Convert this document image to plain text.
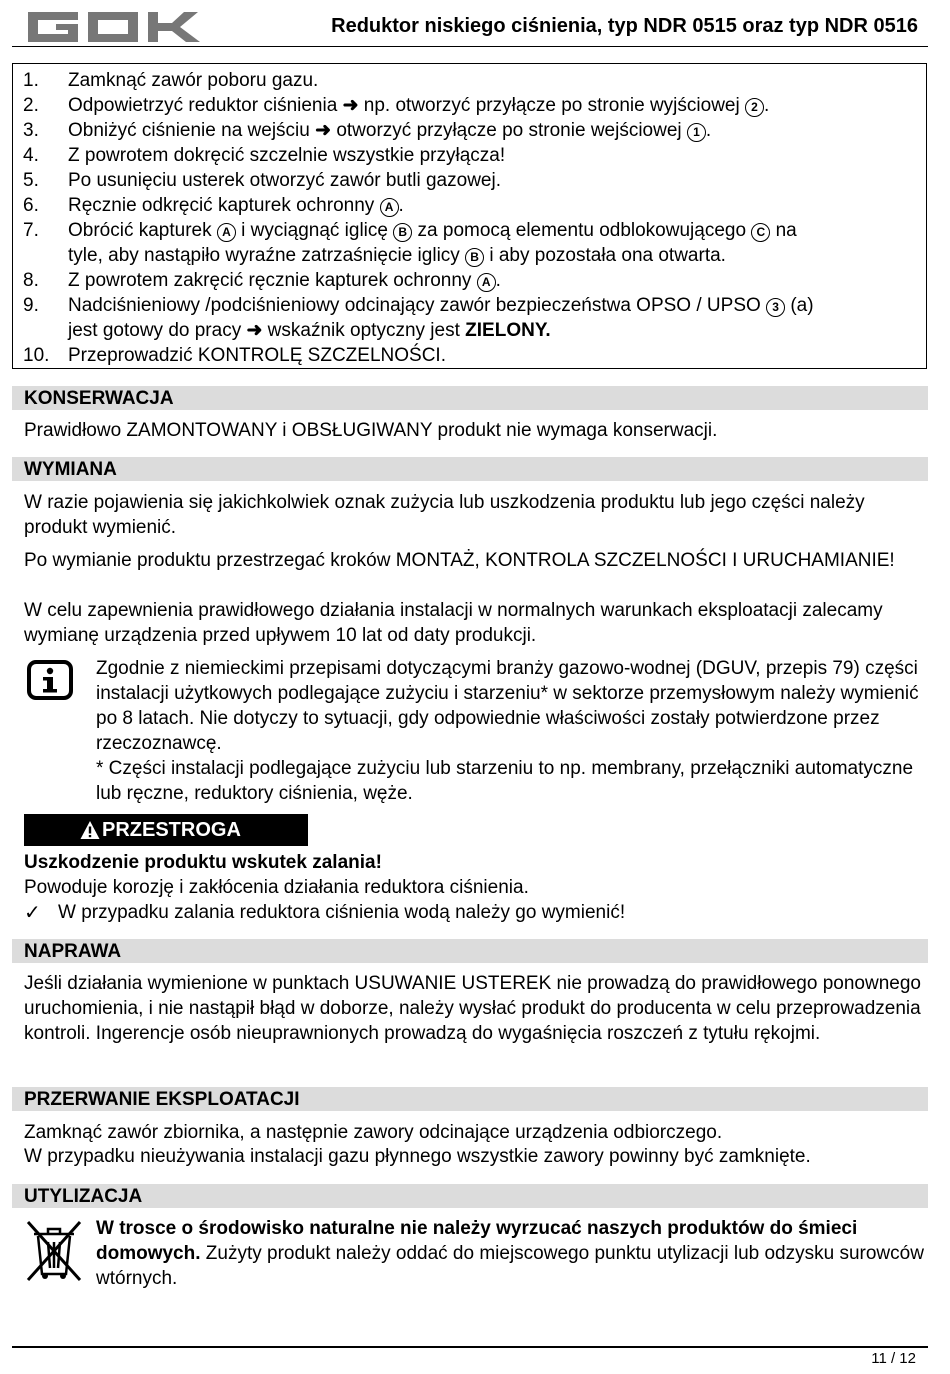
Reduktor niskiego ciśnienia, typ NDR 0515 oraz typ NDR 0516
1.	Zamknąć zawór poboru gazu.
2.	Odpowietrzyć reduktor ciśnienia ➜ np. otworzyć przyłącze po stronie wyjściowej 2 .
3.	Obniżyć ciśnienie na wejściu ➜ otworzyć przyłącze po stronie wejściowej 1 .
4.	Z powrotem dokręcić szczelnie wszystkie przyłącza!
5.	Po usunięciu usterek otworzyć zawór butli gazowej.
6.	Ręcznie odkręcić kapturek ochronny A .
7.	Obrócić kapturek A i wyciągnąć iglicę B za pomocą elementu odblokowującego C na
tyle, aby nastąpiło wyraźne zatrzaśnięcie iglicy B i aby pozostała ona otwarta.
8.	Z powrotem zakręcić ręcznie kapturek ochronny A .
9.	Nadciśnieniowy /podciśnieniowy odcinający zawór bezpieczeństwa OPSO / UPSO 3 (a)
jest gotowy do pracy ➜ wskaźnik optyczny jest ZIELONY.
10. Przeprowadzić KONTROLĘ SZCZELNOŚCI.
KONSERWACJA
Prawidłowo ZAMONTOWANY i OBSŁUGIWANY produkt nie wymaga konserwacji.
WYMIANA
W razie pojawienia się jakichkolwiek oznak zużycia lub uszkodzenia produktu lub jego części należy produkt wymienić.
Po wymianie produktu przestrzegać kroków MONTAŻ, KONTROLA SZCZELNOŚCI I URUCHAMIANIE!
W celu zapewnienia prawidłowego działania instalacji w normalnych warunkach eksploatacji zalecamy wymianę urządzenia przed upływem 10 lat od daty produkcji.
Zgodnie z niemieckimi przepisami dotyczącymi branży gazowo-wodnej (DGUV, przepis 79) części instalacji użytkowych podlegające zużyciu i starzeniu* w sektorze przemysłowym należy wymienić po 8 latach. Nie dotyczy to sytuacji, gdy odpowiednie właściwości zostały potwierdzone przez rzeczoznawcę.
* Części instalacji podlegające zużyciu lub starzeniu to np. membrany, przełączniki automatyczne lub ręczne, reduktory ciśnienia, węże.
PRZESTROGA
Uszkodzenie produktu wskutek zalania!
Powoduje korozję i zakłócenia działania reduktora ciśnienia.
✓ W przypadku zalania reduktora ciśnienia wodą należy go wymienić!
NAPRAWA
Jeśli działania wymienione w punktach USUWANIE USTEREK nie prowadzą do prawidłowego ponownego uruchomienia, i nie nastąpił błąd w doborze, należy wysłać produkt do producenta w celu przeprowadzenia kontroli. Ingerencje osób nieuprawnionych prowadzą do wygaśnięcia roszczeń z tytułu rękojmi.
PRZERWANIE EKSPLOATACJI
Zamknąć zawór zbiornika, a następnie zawory odcinające urządzenia odbiorczego.
W przypadku nieużywania instalacji gazu płynnego wszystkie zawory powinny być zamknięte.
UTYLIZACJA
W trosce o środowisko naturalne nie należy wyrzucać naszych produktów do śmieci domowych. Zużyty produkt należy oddać do miejscowego punktu utylizacji lub odzysku surowców wtórnych.
11 / 12
